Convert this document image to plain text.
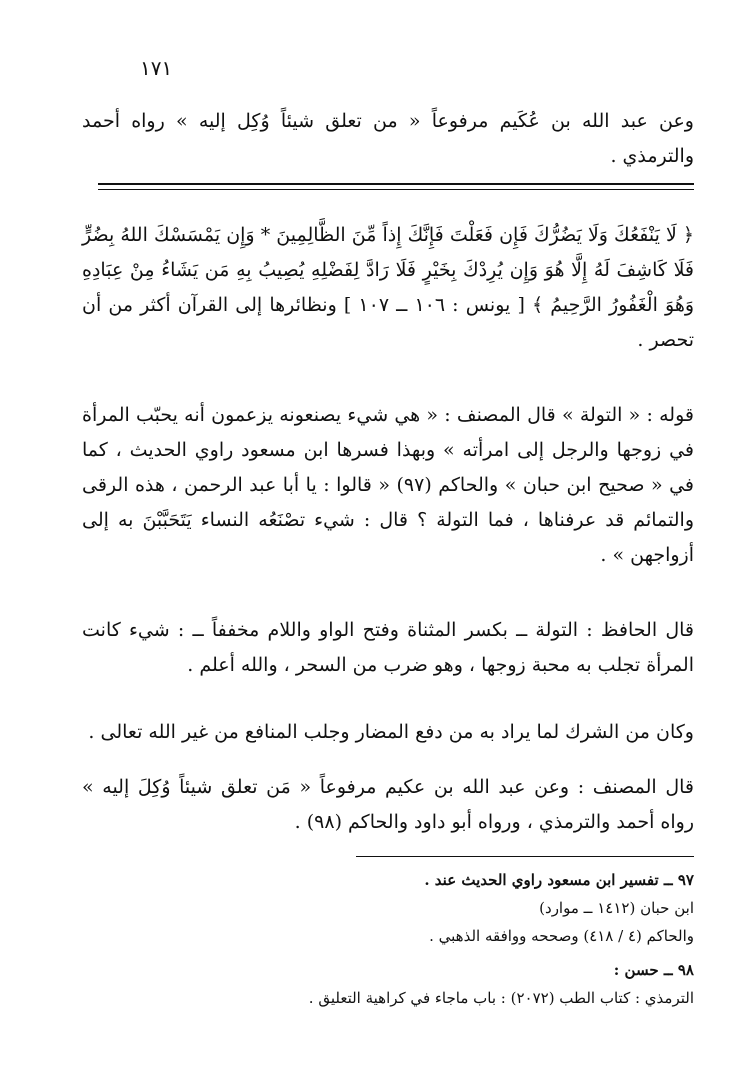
١٧١
وعن عبد الله بن عُكَيم مرفوعاً « من تعلق شيئاً وُكِل إليه » رواه أحمد والترمذي .
﴿ لَا يَنْفَعُكَ وَلَا يَضُرُّكَ فَإِن فَعَلْتَ فَإِنَّكَ إِذاً مِّنَ الظَّالِمِينَ * وَإِن يَمْسَسْكَ اللهُ بِضُرٍّ فَلَا كَاشِفَ لَهُ إِلَّا هُوَ وَإِن يُرِدْكَ بِخَيْرٍ فَلَا رَادَّ لِفَضْلِهِ يُصِيبُ بِهِ مَن يَشَاءُ مِنْ عِبَادِهِ وَهُوَ الْغَفُورُ الرَّحِيمُ ﴾ [ يونس : ١٠٦ ــ ١٠٧ ] ونظائرها إلى القرآن أكثر من أن تحصر .
قوله : « التولة » قال المصنف : « هي شيء يصنعونه يزعمون أنه يحبّب المرأة في زوجها والرجل إلى امرأته » وبهذا فسرها ابن مسعود راوي الحديث ، كما في « صحيح ابن حبان » والحاكم (٩٧) « قالوا : يا أبا عبد الرحمن ، هذه الرقى والتمائم قد عرفناها ، فما التولة ؟ قال : شيء تصْنَعُه النساء يَتَحَبَّبْنَ به إلى أزواجهن » .
قال الحافظ : التولة ــ بكسر المثناة وفتح الواو واللام مخففاً ــ : شيء كانت المرأة تجلب به محبة زوجها ، وهو ضرب من السحر ، والله أعلم .
وكان من الشرك لما يراد به من دفع المضار وجلب المنافع من غير الله تعالى .
قال المصنف : وعن عبد الله بن عكيم مرفوعاً « مَن تعلق شيئاً وُكِلَ إليه » رواه أحمد والترمذي ، ورواه أبو داود والحاكم (٩٨) .
٩٧ ــ تفسير ابن مسعود راوي الحديث عند .
ابن حبان (١٤١٢ ــ موارد)
والحاكم (٤ / ٤١٨) وصححه ووافقه الذهبي .
٩٨ ــ حسن :
الترمذي : كتاب الطب (٢٠٧٢) : باب ماجاء في كراهية التعليق .
